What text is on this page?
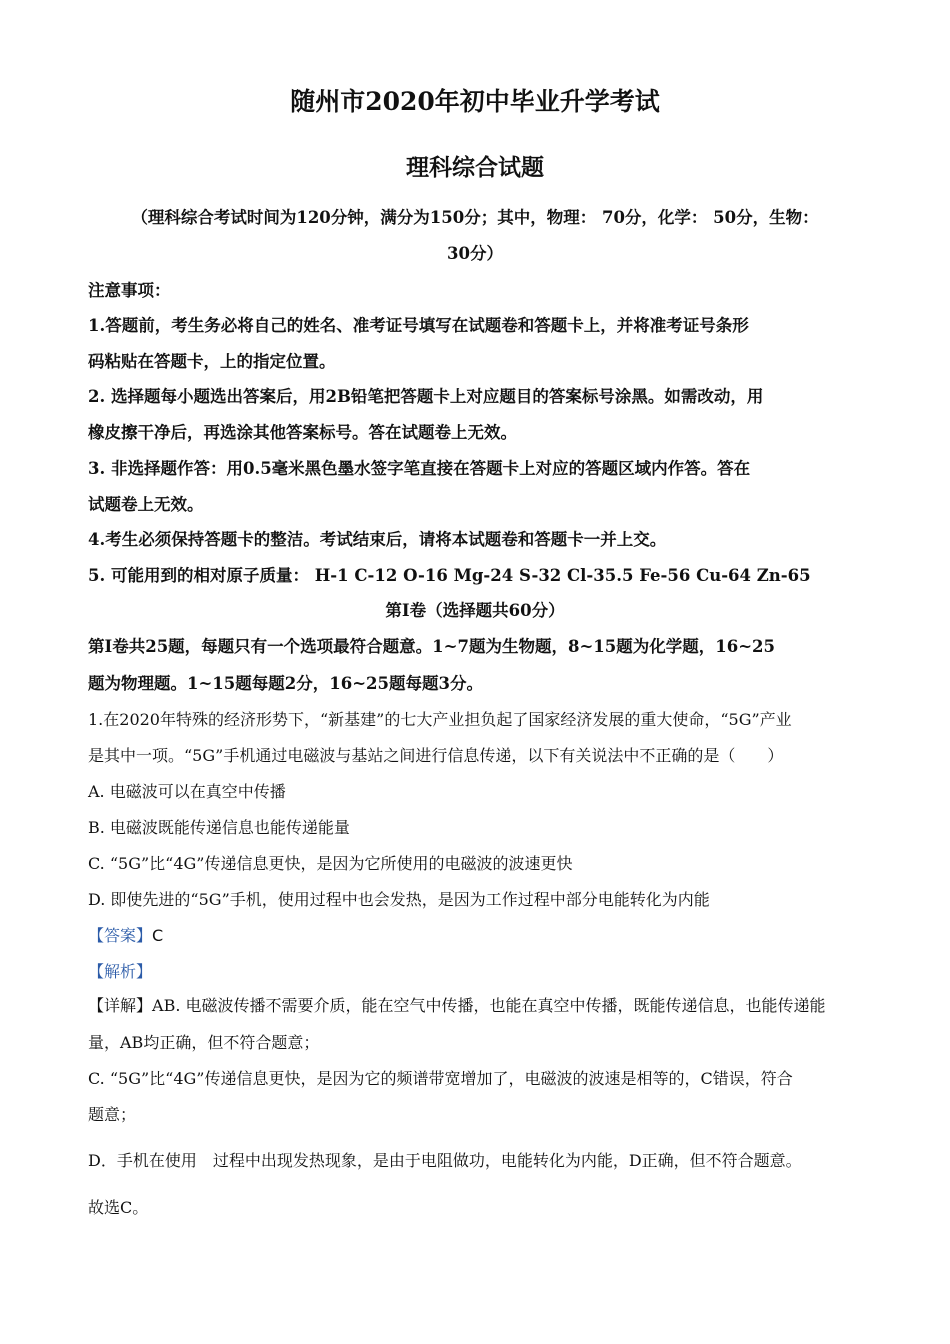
随州市2020年初中毕业升学考试
理科综合试题
（理科综合考试时间为120分钟，满分为150分；其中，物理： 70分，化学： 50分，生物：
30分）
注意事项：
1.答题前，考生务必将自己的姓名、准考证号填写在试题卷和答题卡上，并将准考证号条形
码粘贴在答题卡，上的指定位置。
2. 选择题每小题选出答案后，用2B铅笔把答题卡上对应题目的答案标号涂黑。如需改动，用
橡皮擦干净后，再选涂其他答案标号。答在试题卷上无效。
3. 非选择题作答：用0.5毫米黑色墨水签字笔直接在答题卡上对应的答题区域内作答。答在
试题卷上无效。
4.考生必须保持答题卡的整洁。考试结束后，请将本试题卷和答题卡一并上交。
5. 可能用到的相对原子质量： H-1 C-12 O-16 Mg-24 S-32 Cl-35.5 Fe-56 Cu-64 Zn-65
第I卷（选择题共60分）
第I卷共25题，每题只有一个选项最符合题意。1~7题为生物题，8~15题为化学题，16~25
题为物理题。1~15题每题2分，16~25题每题3分。
1.在2020年特殊的经济形势下，“新基建”的七大产业担负起了国家经济发展的重大使命，“5G”产业
是其中一项。“5G”手机通过电磁波与基站之间进行信息传递，以下有关说法中不正确的是（　　）
A. 电磁波可以在真空中传播
B. 电磁波既能传递信息也能传递能量
C. “5G”比“4G”传递信息更快，是因为它所使用的电磁波的波速更快
D. 即使先进的“5G”手机，使用过程中也会发热，是因为工作过程中部分电能转化为内能
【答案】C
【解析】
【详解】AB. 电磁波传播不需要介质，能在空气中传播，也能在真空中传播，既能传递信息，也能传递能
量，AB均正确，但不符合题意；
C. “5G”比“4G”传递信息更快，是因为它的频谱带宽增加了，电磁波的波速是相等的，C错误，符合
题意；
D．手机在使用　过程中出现发热现象，是由于电阻做功，电能转化为内能，D正确，但不符合题意。
故选C。
